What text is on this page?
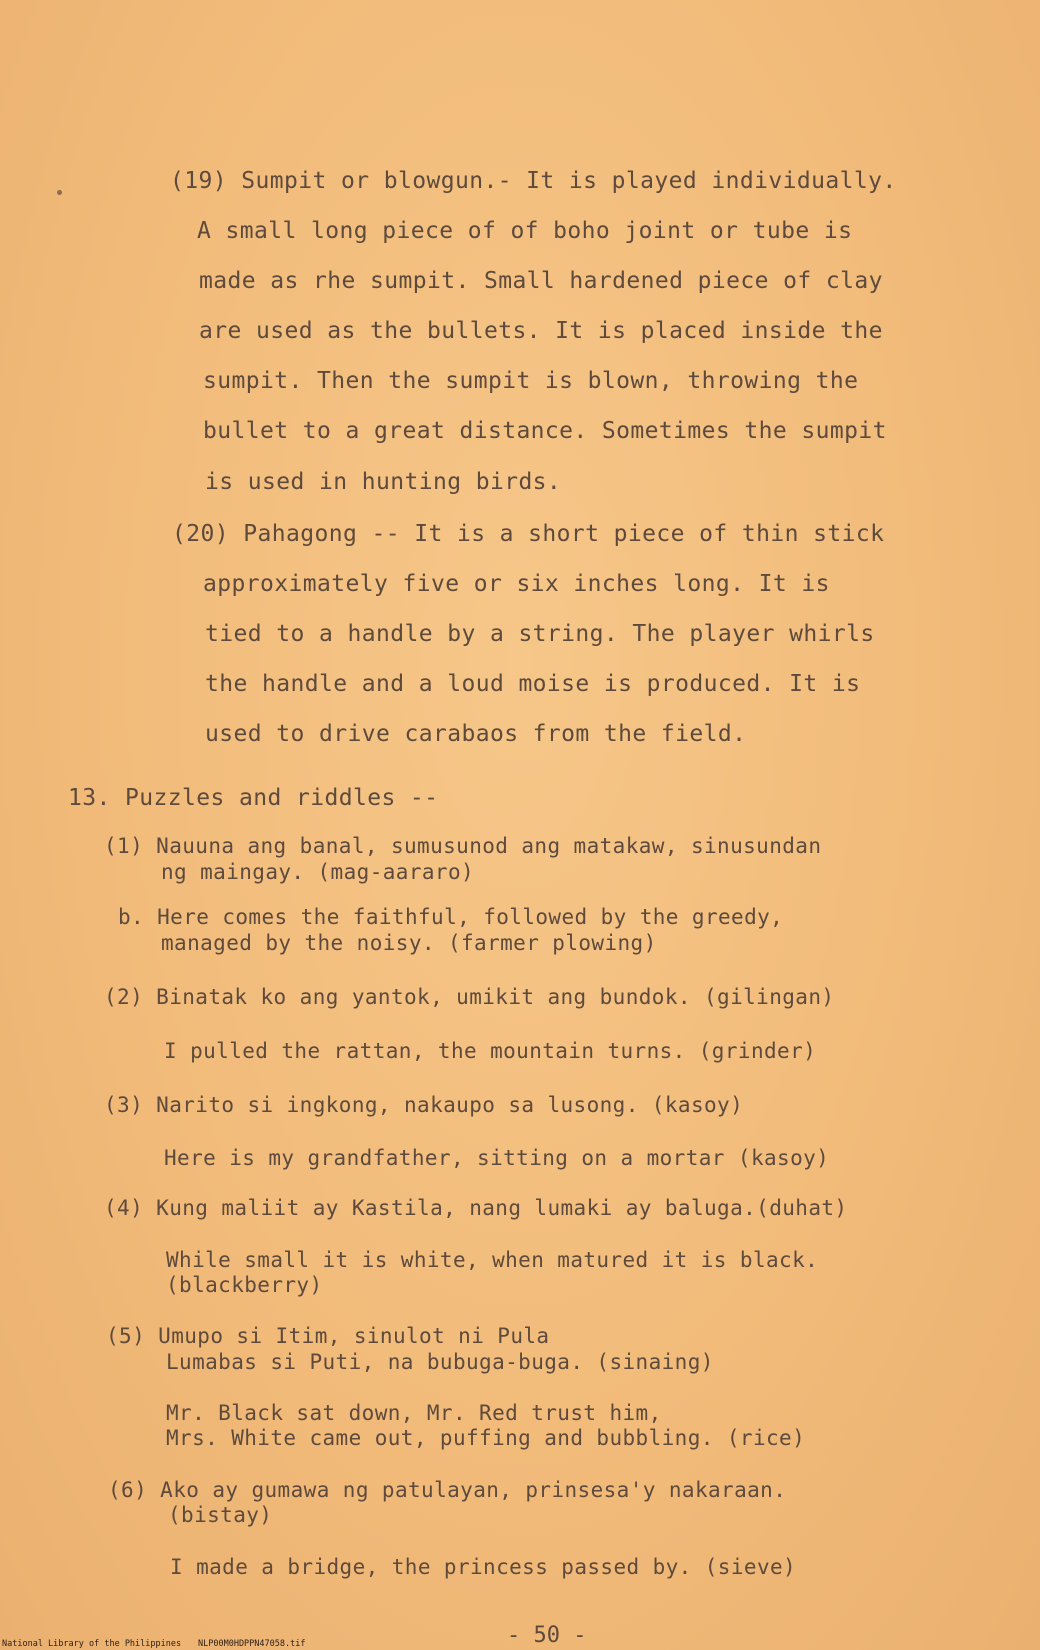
(19) Sumpit or blowgun.- It is played individually.
A small long piece of of boho joint or tube is
made as rhe sumpit. Small hardened piece of clay
are used as the bullets. It is placed inside the
sumpit. Then the sumpit is blown, throwing the
bullet to a great distance. Sometimes the sumpit
is used in hunting birds.
(20) Pahagong -- It is a short piece of thin stick
approximately five or six inches long. It is
tied to a handle by a string. The player whirls
the handle and a loud moise is produced. It is
used to drive carabaos from the field.
13. Puzzles and riddles --
(1) Nauuna ang banal, sumusunod ang matakaw, sinusundan
ng maingay. (mag-aararo)
b. Here comes the faithful, followed by the greedy,
managed by the noisy. (farmer plowing)
(2) Binatak ko ang yantok, umikit ang bundok. (gilingan)
I pulled the rattan, the mountain turns. (grinder)
(3) Narito si ingkong, nakaupo sa lusong. (kasoy)
Here is my grandfather, sitting on a mortar (kasoy)
(4) Kung maliit ay Kastila, nang lumaki ay baluga.(duhat)
While small it is white, when matured it is black.
(blackberry)
(5) Umupo si Itim, sinulot ni Pula
Lumabas si Puti, na bubuga-buga. (sinaing)
Mr. Black sat down, Mr. Red trust him,
Mrs. White came out, puffing and bubbling. (rice)
(6) Ako ay gumawa ng patulayan, prinsesa'y nakaraan.
(bistay)
I made a bridge, the princess passed by. (sieve)
- 50 -
National Library of the Philippines NLP00M0HDPPN47058.tif
